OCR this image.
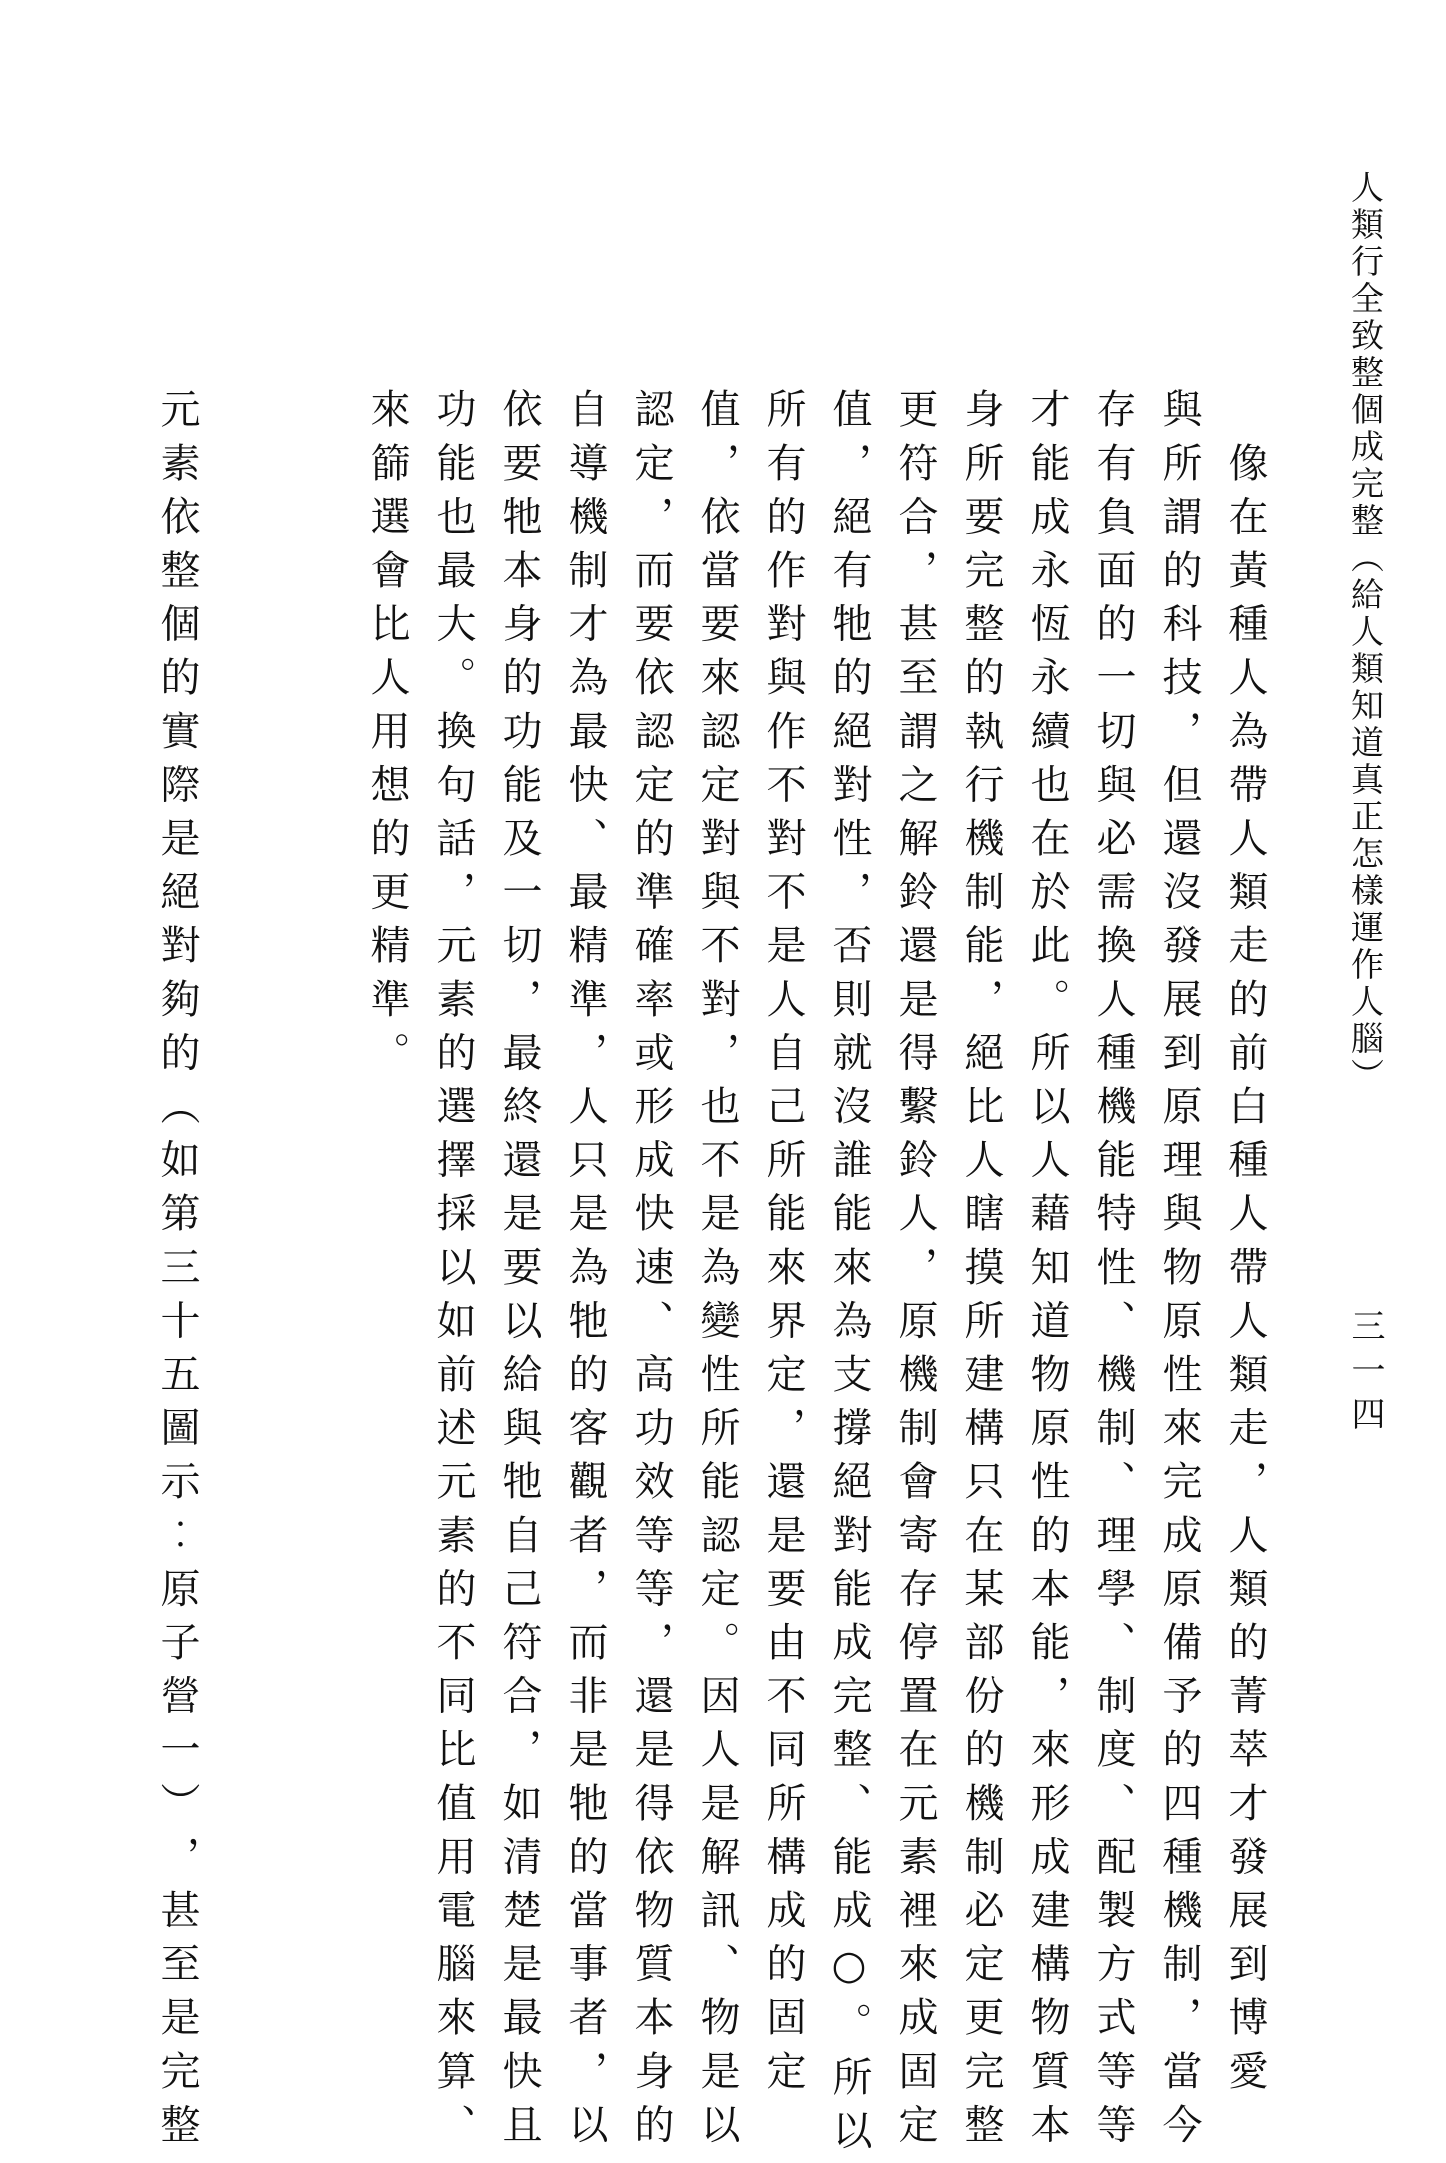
人類行全致整個成完整︵給人類知道真正怎樣運作人腦︶
三一四
　像在黃種人為帶人類走的前白種人帶人類走，人類的菁萃才發展到博愛
與所謂的科技，但還沒發展到原理與物原性來完成原備予的四種機制，當今
存有負面的一切與必需換人種機能特性、機制、理學、制度、配製方式等等
才能成永恆永續也在於此。所以人藉知道物原性的本能，來形成建構物質本
身所要完整的執行機制能，絕比人瞎摸所建構只在某部份的機制必定更完整
更符合，甚至謂之解鈴還是得繫鈴人，原機制會寄存停置在元素裡來成固定
值，絕有牠的絕對性，否則就沒誰能來為支撐絕對能成完整、能成○。所以
所有的作對與作不對不是人自己所能來界定，還是要由不同所構成的固定
值，依當要來認定對與不對，也不是為變性所能認定。因人是解訊、物是以
認定，而要依認定的準確率或形成快速、高功效等等，還是得依物質本身的
自導機制才為最快、最精準，人只是為牠的客觀者，而非是牠的當事者，以
依要牠本身的功能及一切，最終還是要以給與牠自己符合，如清楚是最快且
功能也最大。換句話，元素的選擇採以如前述元素的不同比值用電腦來算、
來篩選會比人用想的更精準。
元素依整個的實際是絕對夠的︵如第三十五圖示︰原子營一︶，甚至是完整
